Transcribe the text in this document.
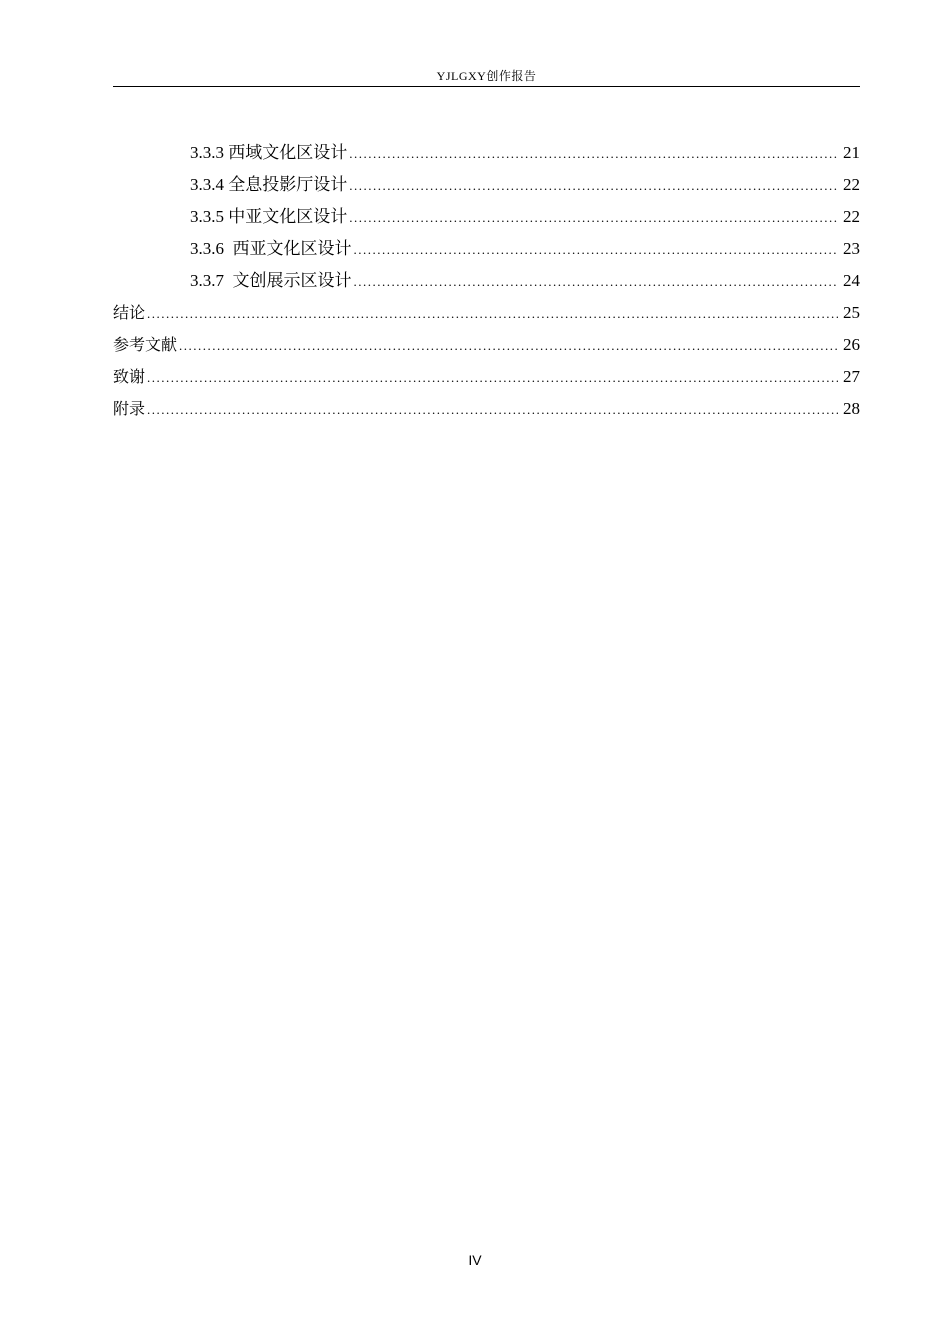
YJLGXY创作报告
3.3.3 西域文化区设计 .....	21
3.3.4 全息投影厅设计 .....	22
3.3.5 中亚文化区设计 .....	22
3.3.6  西亚文化区设计 .....	23
3.3.7  文创展示区设计 .....	24
结论 .....	25
参考文献 .....	26
致谢 .....	27
附录 .....	28
IV
